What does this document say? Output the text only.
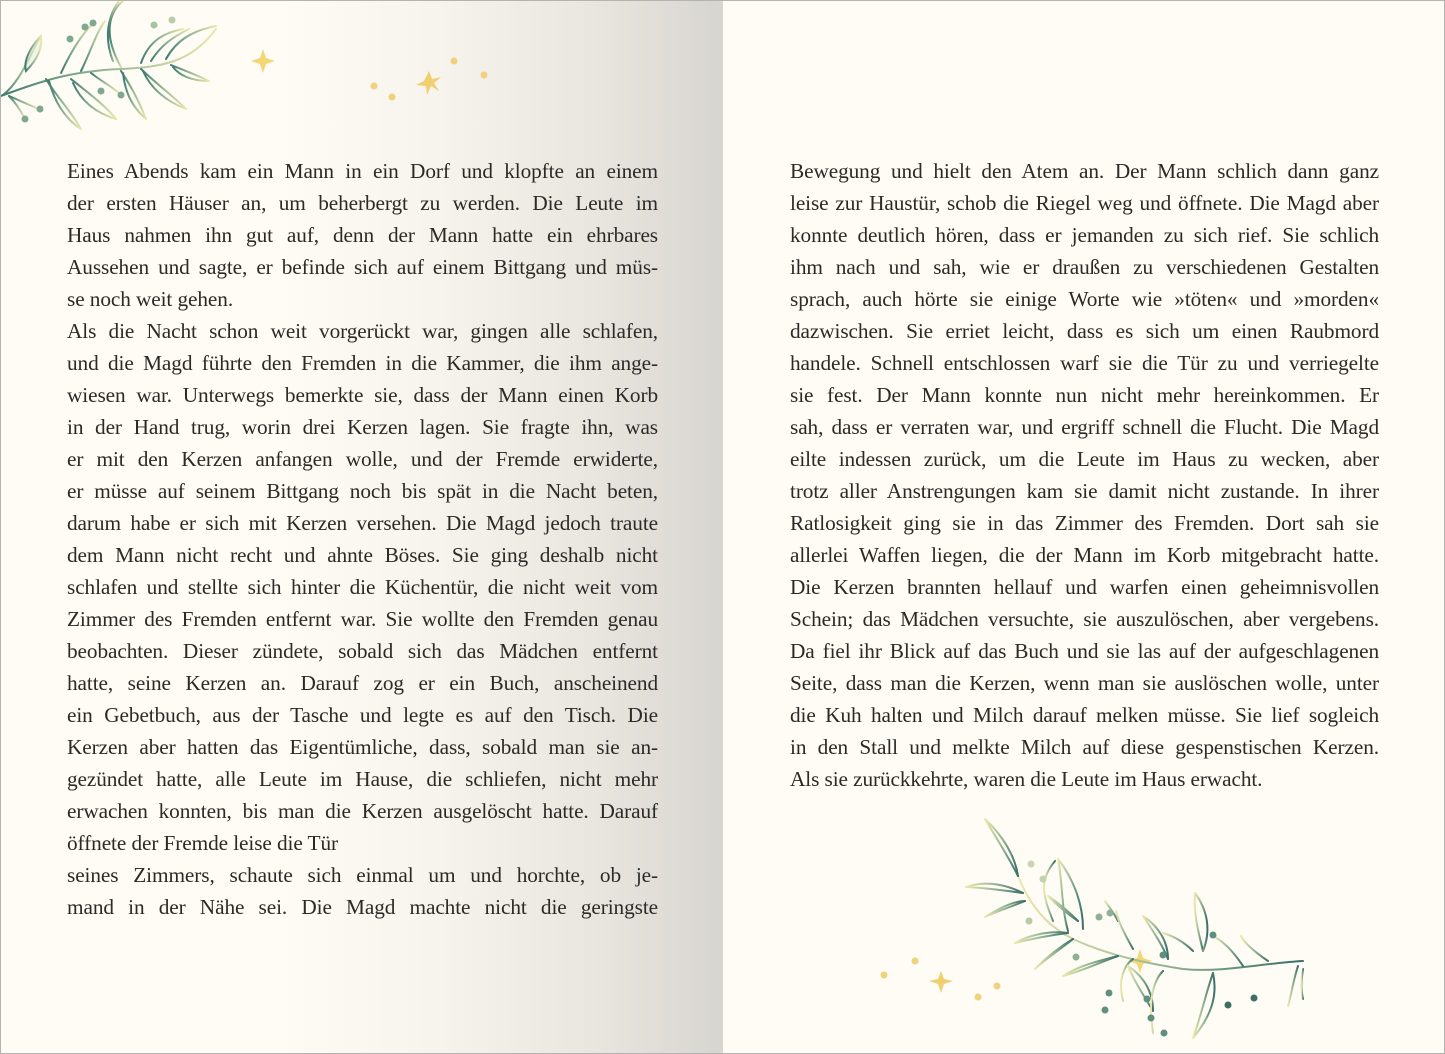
Eines Abends kam ein Mann in ein Dorf und klopfte an einem
der ersten Häuser an, um beherbergt zu werden. Die Leute im
Haus nahmen ihn gut auf, denn der Mann hatte ein ehrbares
Aussehen und sagte, er befinde sich auf einem Bittgang und müs-
se noch weit gehen.
Als die Nacht schon weit vorgerückt war, gingen alle schlafen,
und die Magd führte den Fremden in die Kammer, die ihm ange-
wiesen war. Unterwegs bemerkte sie, dass der Mann einen Korb
in der Hand trug, worin drei Kerzen lagen. Sie fragte ihn, was
er mit den Kerzen anfangen wolle, und der Fremde erwiderte,
er müsse auf seinem Bittgang noch bis spät in die Nacht beten,
darum habe er sich mit Kerzen versehen. Die Magd jedoch traute
dem Mann nicht recht und ahnte Böses. Sie ging deshalb nicht
schlafen und stellte sich hinter die Küchentür, die nicht weit vom
Zimmer des Fremden entfernt war. Sie wollte den Fremden genau
beobachten. Dieser zündete, sobald sich das Mädchen entfernt
hatte, seine Kerzen an. Darauf zog er ein Buch, anscheinend
ein Gebetbuch, aus der Tasche und legte es auf den Tisch. Die
Kerzen aber hatten das Eigentümliche, dass, sobald man sie an-
gezündet hatte, alle Leute im Hause, die schliefen, nicht mehr
erwachen konnten, bis man die Kerzen ausgelöscht hatte. Darauf
öffnete der Fremde leise die Tür
seines Zimmers, schaute sich einmal um und horchte, ob je-
mand in der Nähe sei. Die Magd machte nicht die geringste
Bewegung und hielt den Atem an. Der Mann schlich dann ganz
leise zur Haustür, schob die Riegel weg und öffnete. Die Magd aber
konnte deutlich hören, dass er jemanden zu sich rief. Sie schlich
ihm nach und sah, wie er draußen zu verschiedenen Gestalten
sprach, auch hörte sie einige Worte wie »töten« und »morden«
dazwischen. Sie erriet leicht, dass es sich um einen Raubmord
handele. Schnell entschlossen warf sie die Tür zu und verriegelte
sie fest. Der Mann konnte nun nicht mehr hereinkommen. Er
sah, dass er verraten war, und ergriff schnell die Flucht. Die Magd
eilte indessen zurück, um die Leute im Haus zu wecken, aber
trotz aller Anstrengungen kam sie damit nicht zustande. In ihrer
Ratlosigkeit ging sie in das Zimmer des Fremden. Dort sah sie
allerlei Waffen liegen, die der Mann im Korb mitgebracht hatte.
Die Kerzen brannten hellauf und warfen einen geheimnisvollen
Schein; das Mädchen versuchte, sie auszulöschen, aber vergebens.
Da fiel ihr Blick auf das Buch und sie las auf der aufgeschlagenen
Seite, dass man die Kerzen, wenn man sie auslöschen wolle, unter
die Kuh halten und Milch darauf melken müsse. Sie lief sogleich
in den Stall und melkte Milch auf diese gespenstischen Kerzen.
Als sie zurückkehrte, waren die Leute im Haus erwacht.
